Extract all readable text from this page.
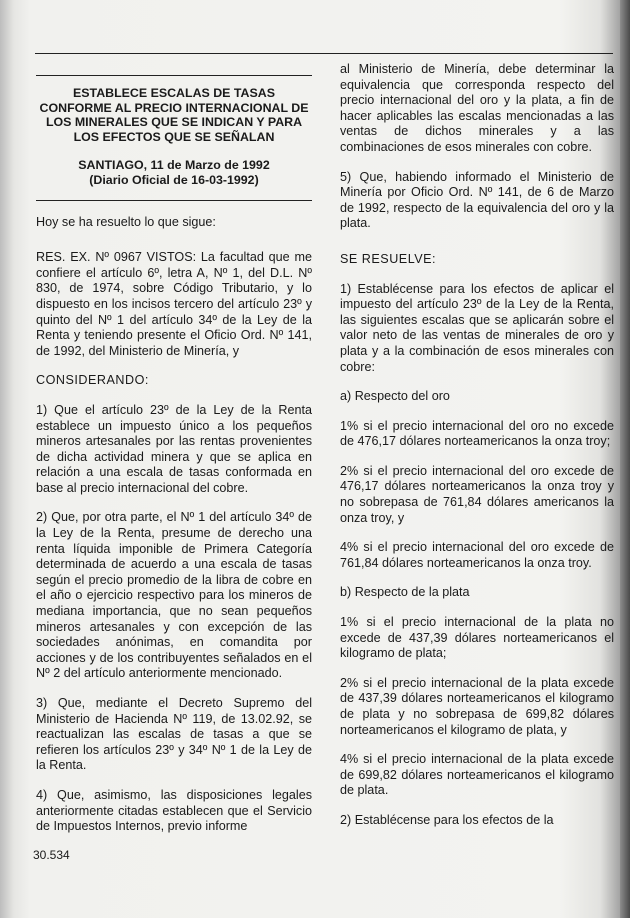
ESTABLECE ESCALAS DE TASAS CONFORME AL PRECIO INTERNACIONAL DE LOS MINERALES QUE SE INDICAN Y PARA LOS EFECTOS QUE SE SEÑALAN
SANTIAGO, 11 de Marzo de 1992
(Diario Oficial de 16-03-1992)

Hoy se ha resuelto lo que sigue:

RES. EX. Nº 0967 VISTOS: La facultad que me confiere el artículo 6º, letra A, Nº 1, del D.L. Nº 830, de 1974, sobre Código Tributario, y lo dispuesto en los incisos tercero del artículo 23º y quinto del Nº 1 del artículo 34º de la Ley de la Renta y teniendo presente el Oficio Ord. Nº 141, de 1992, del Ministerio de Minería, y

CONSIDERANDO:

1) Que el artículo 23º de la Ley de la Renta establece un impuesto único a los pequeños mineros artesanales por las rentas provenientes de dicha actividad minera y que se aplica en relación a una escala de tasas conformada en base al precio internacional del cobre.

2) Que, por otra parte, el Nº 1 del artículo 34º de la Ley de la Renta, presume de derecho una renta líquida imponible de Primera Categoría determinada de acuerdo a una escala de tasas según el precio promedio de la libra de cobre en el año o ejercicio respectivo para los mineros de mediana importancia, que no sean pequeños mineros artesanales y con excepción de las sociedades anónimas, en comandita por acciones y de los contribuyentes señalados en el Nº 2 del artículo anteriormente mencionado.

3) Que, mediante el Decreto Supremo del Ministerio de Hacienda Nº 119, de 13.02.92, se reactualizan las escalas de tasas a que se refieren los artículos 23º y 34º Nº 1 de la Ley de la Renta.

4) Que, asimismo, las disposiciones legales anteriormente citadas establecen que el Servicio de Impuestos Internos, previo informe

al Ministerio de Minería, debe determinar la equivalencia que corresponda respecto del precio internacional del oro y la plata, a fin de hacer aplicables las escalas mencionadas a las ventas de dichos minerales y a las combinaciones de esos minerales con cobre.

5) Que, habiendo informado el Ministerio de Minería por Oficio Ord. Nº 141, de 6 de Marzo de 1992, respecto de la equivalencia del oro y la plata.

SE RESUELVE:

1) Establécense para los efectos de aplicar el impuesto del artículo 23º de la Ley de la Renta, las siguientes escalas que se aplicarán sobre el valor neto de las ventas de minerales de oro y plata y a la combinación de esos minerales con cobre:

a) Respecto del oro

1% si el precio internacional del oro no excede de 476,17 dólares norteamericanos la onza troy;

2% si el precio internacional del oro excede de 476,17 dólares norteamericanos la onza troy y no sobrepasa de 761,84 dólares americanos la onza troy, y

4% si el precio internacional del oro excede de 761,84 dólares norteamericanos la onza troy.

b) Respecto de la plata

1% si el precio internacional de la plata no excede de 437,39 dólares norteamericanos el kilogramo de plata;

2% si el precio internacional de la plata excede de 437,39 dólares norteamericanos el kilogramo de plata y no sobrepasa de 699,82 dólares norteamericanos el kilogramo de plata, y

4% si el precio internacional de la plata excede de 699,82 dólares norteamericanos el kilogramo de plata.

2) Establécense para los efectos de la

30.534
